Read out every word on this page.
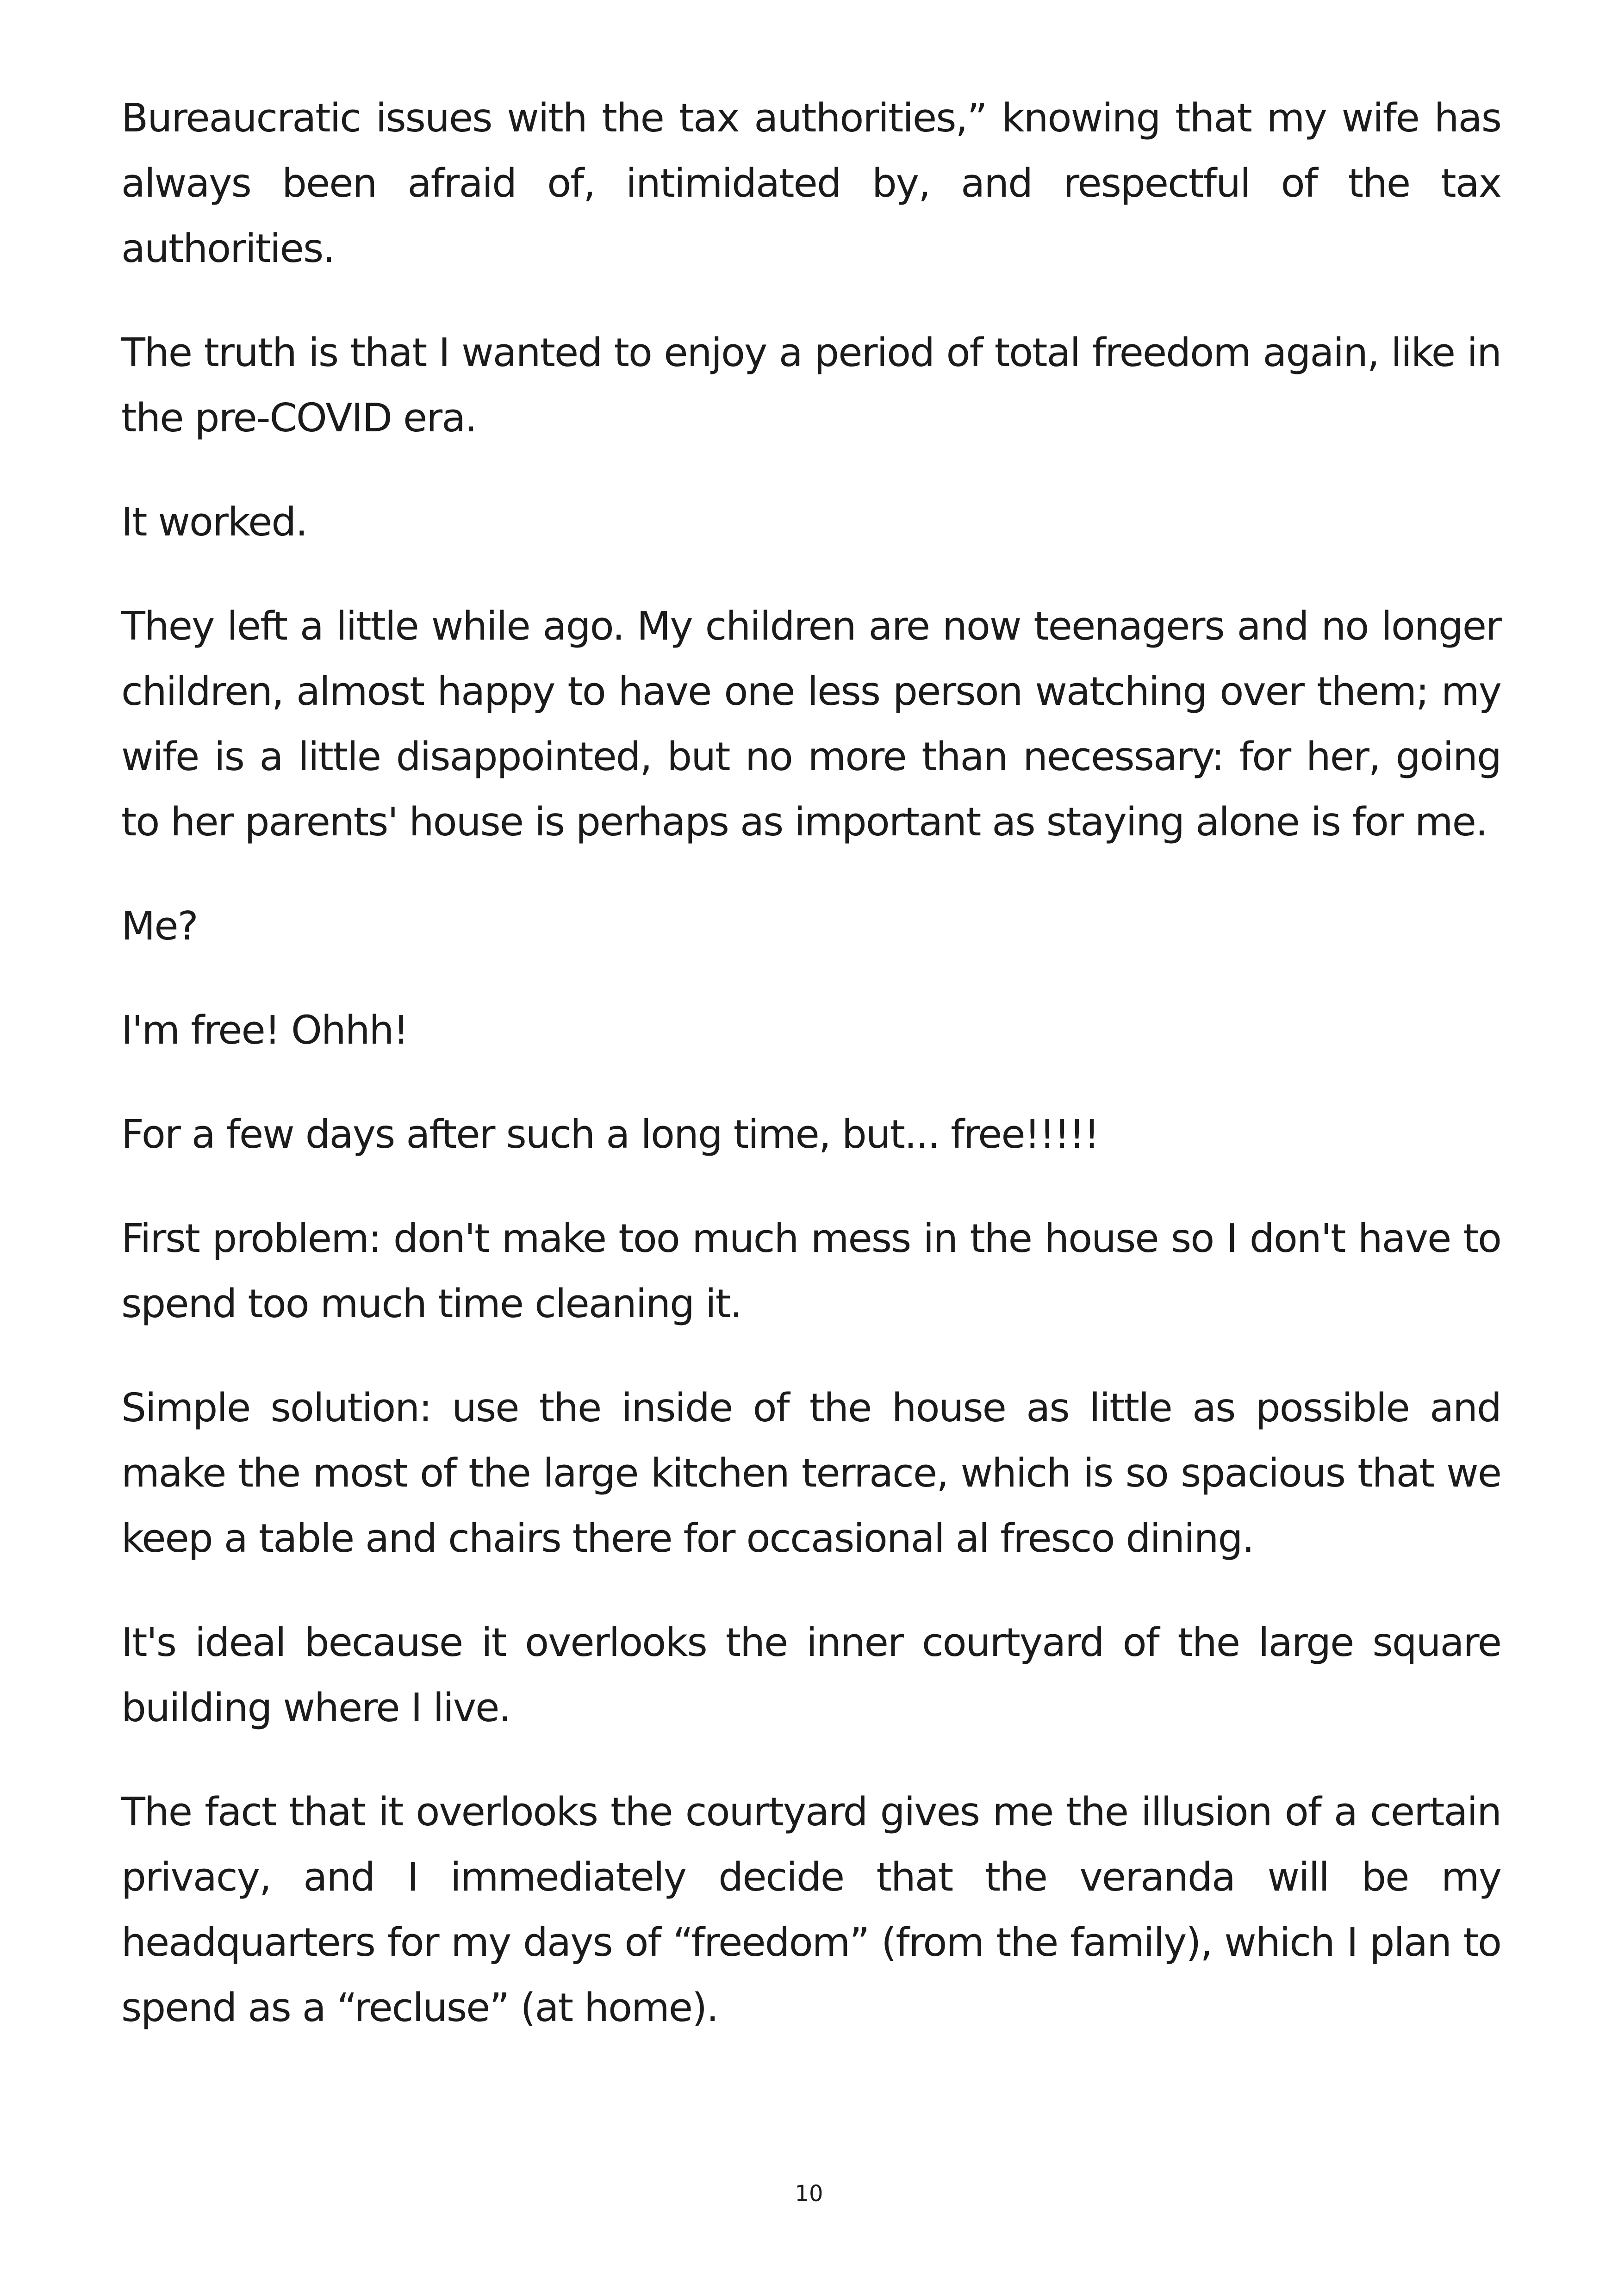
Bureaucratic issues with the tax authorities,” knowing that my wife has always been afraid of, intimidated by, and respectful of the tax authorities.

The truth is that I wanted to enjoy a period of total freedom again, like in the pre-COVID era.

It worked.

They left a little while ago. My children are now teenagers and no longer children, almost happy to have one less person watching over them; my wife is a little disappointed, but no more than necessary: for her, going to her parents' house is perhaps as important as staying alone is for me.

Me?

I'm free! Ohhh!

For a few days after such a long time, but... free!!!!!

First problem: don't make too much mess in the house so I don't have to spend too much time cleaning it.

Simple solution: use the inside of the house as little as possible and make the most of the large kitchen terrace, which is so spacious that we keep a table and chairs there for occasional al fresco dining.

It's ideal because it overlooks the inner courtyard of the large square building where I live.

The fact that it overlooks the courtyard gives me the illusion of a certain privacy, and I immediately decide that the veranda will be my headquarters for my days of “freedom” (from the family), which I plan to spend as a “recluse” (at home).

10
